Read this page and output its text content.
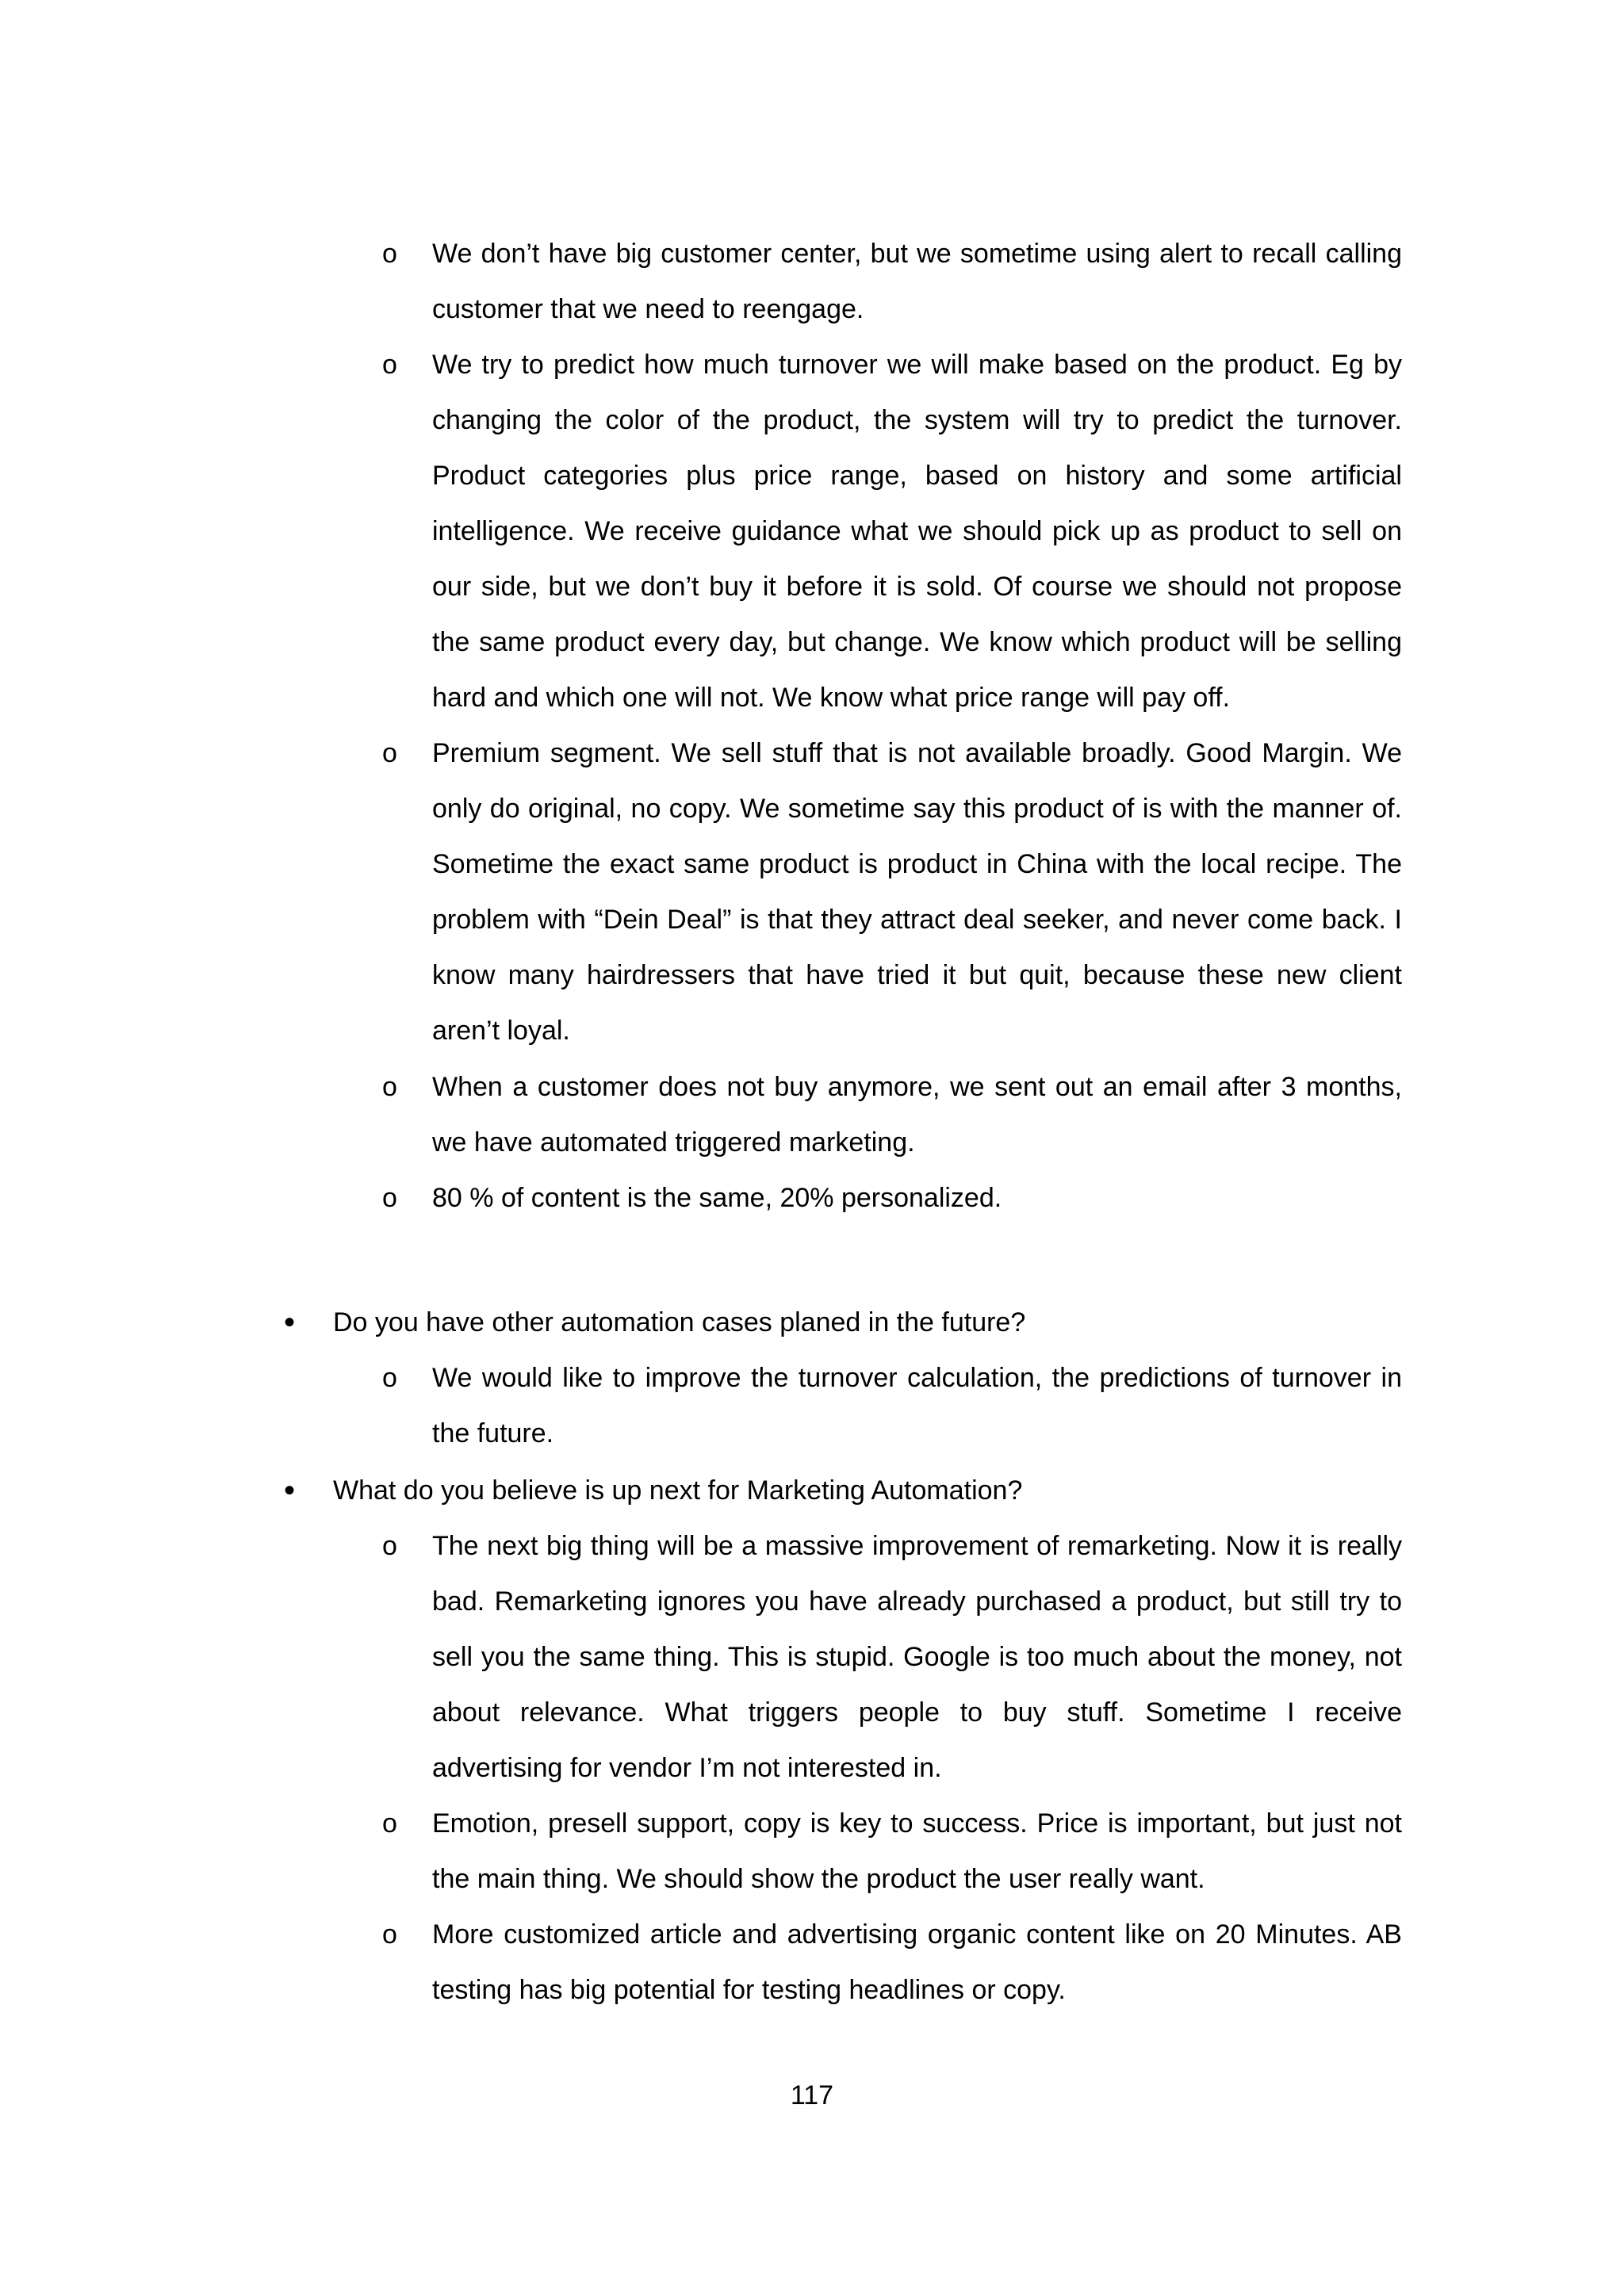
o We don’t have big customer center, but we sometime using alert to recall calling customer that we need to reengage.
o We try to predict how much turnover we will make based on the product. Eg by changing the color of the product, the system will try to predict the turnover. Product categories plus price range, based on history and some artificial intelligence. We receive guidance what we should pick up as product to sell on our side, but we don’t buy it before it is sold. Of course we should not propose the same product every day, but change. We know which product will be selling hard and which one will not. We know what price range will pay off.
o Premium segment. We sell stuff that is not available broadly. Good Margin. We only do original, no copy. We sometime say this product of is with the manner of. Sometime the exact same product is product in China with the local recipe. The problem with “Dein Deal” is that they attract deal seeker, and never come back. I know many hairdressers that have tried it but quit, because these new client aren’t loyal.
o When a customer does not buy anymore, we sent out an email after 3 months, we have automated triggered marketing.
o 80 % of content is the same, 20% personalized.
• Do you have other automation cases planed in the future?
o We would like to improve the turnover calculation, the predictions of turnover in the future.
• What do you believe is up next for Marketing Automation?
o The next big thing will be a massive improvement of remarketing. Now it is really bad. Remarketing ignores you have already purchased a product, but still try to sell you the same thing. This is stupid. Google is too much about the money, not about relevance. What triggers people to buy stuff. Sometime I receive advertising for vendor I’m not interested in.
o Emotion, presell support, copy is key to success. Price is important, but just not the main thing. We should show the product the user really want.
o More customized article and advertising organic content like on 20 Minutes. AB testing has big potential for testing headlines or copy.
117
